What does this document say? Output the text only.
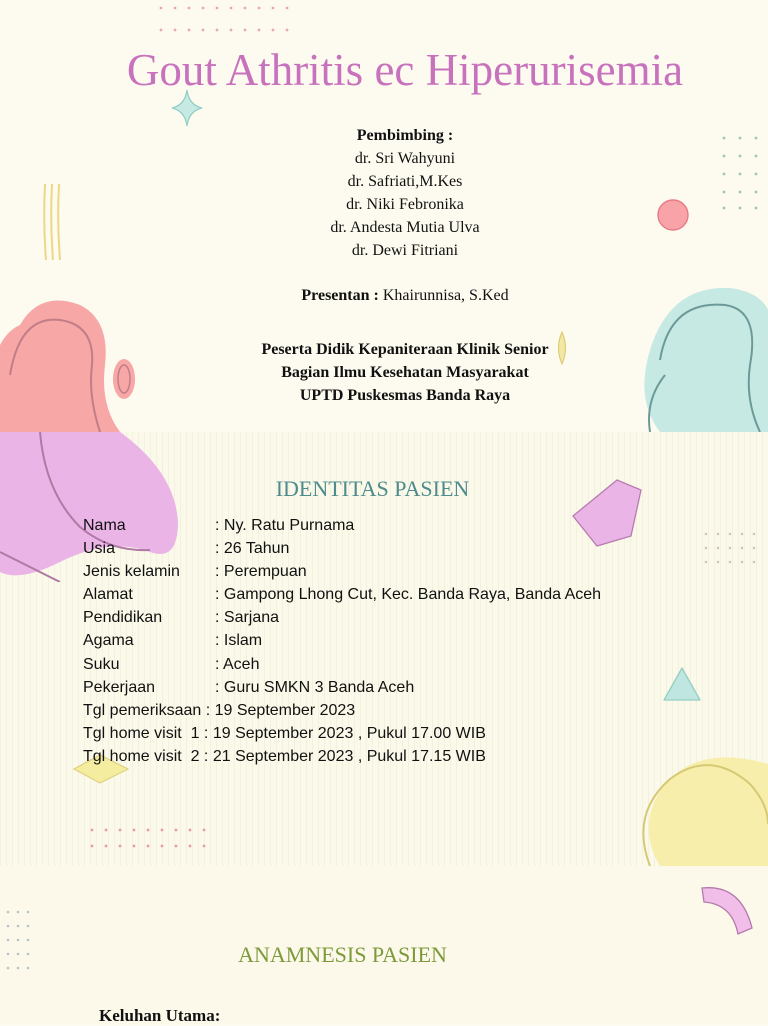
Gout Athritis ec Hiperurisemia
Pembimbing :
dr. Sri Wahyuni
dr. Safriati,M.Kes
dr. Niki Febronika
dr. Andesta Mutia Ulva
dr. Dewi Fitriani
Presentan : Khairunnisa, S.Ked
Peserta Didik Kepaniteraan Klinik Senior
Bagian Ilmu Kesehatan Masyarakat
UPTD Puskesmas Banda Raya
IDENTITAS PASIEN
Nama	: Ny. Ratu Purnama
Usia	: 26 Tahun
Jenis kelamin	: Perempuan
Alamat	: Gampong Lhong Cut, Kec. Banda Raya, Banda Aceh
Pendidikan	: Sarjana
Agama	: Islam
Suku	: Aceh
Pekerjaan	: Guru SMKN 3 Banda Aceh
Tgl pemeriksaan : 19 September 2023
Tgl home visit  1 : 19 September 2023 , Pukul 17.00 WIB
Tgl home visit  2 : 21 September 2023 , Pukul 17.15 WIB
ANAMNESIS PASIEN
Keluhan Utama:
